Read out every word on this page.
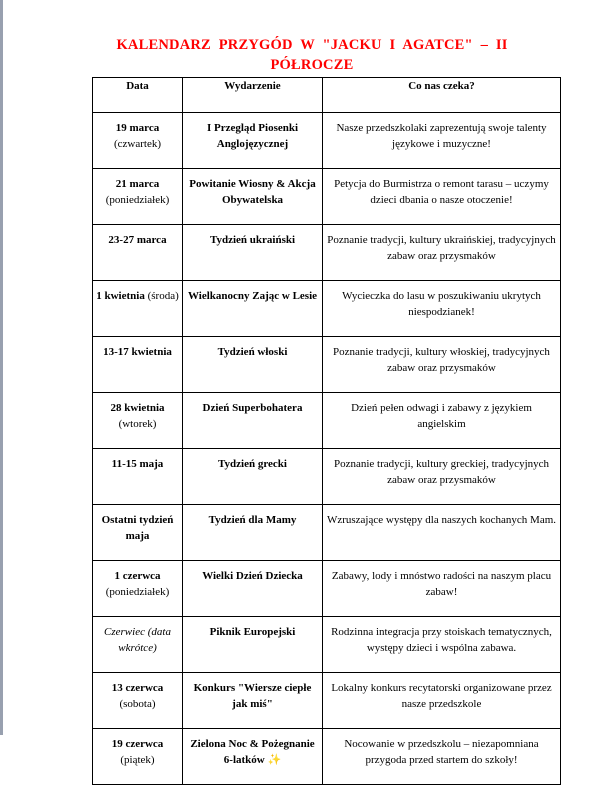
KALENDARZ PRZYGÓD W "JACKU I AGATCE" – II PÓŁROCZE
Data	Wydarzenie	Co nas czeka?
19 marca (czwartek)	I Przegląd Piosenki Anglojęzycznej	Nasze przedszkolaki zaprezentują swoje talenty językowe i muzyczne!
21 marca (poniedziałek)	Powitanie Wiosny & Akcja Obywatelska	Petycja do Burmistrza o remont tarasu – uczymy dzieci dbania o nasze otoczenie!
23-27 marca	Tydzień ukraiński	Poznanie tradycji, kultury ukraińskiej, tradycyjnych zabaw oraz przysmaków
1 kwietnia (środa)	Wielkanocny Zając w Lesie	Wycieczka do lasu w poszukiwaniu ukrytych niespodzianek!
13-17 kwietnia	Tydzień włoski	Poznanie tradycji, kultury włoskiej, tradycyjnych zabaw oraz przysmaków
28 kwietnia (wtorek)	Dzień Superbohatera	Dzień pełen odwagi i zabawy z językiem angielskim
11-15 maja	Tydzień grecki	Poznanie tradycji, kultury greckiej, tradycyjnych zabaw oraz przysmaków
Ostatni tydzień maja	Tydzień dla Mamy	Wzruszające występy dla naszych kochanych Mam.
1 czerwca (poniedziałek)	Wielki Dzień Dziecka	Zabawy, lody i mnóstwo radości na naszym placu zabaw!
Czerwiec (data wkrótce)	Piknik Europejski	Rodzinna integracja przy stoiskach tematycznych, występy dzieci i wspólna zabawa.
13 czerwca (sobota)	Konkurs "Wiersze ciepłe jak miś"	Lokalny konkurs recytatorski organizowane przez nasze przedszkole
19 czerwca (piątek)	Zielona Noc & Pożegnanie 6-latków ✨	Nocowanie w przedszkolu – niezapomniana przygoda przed startem do szkoły!
